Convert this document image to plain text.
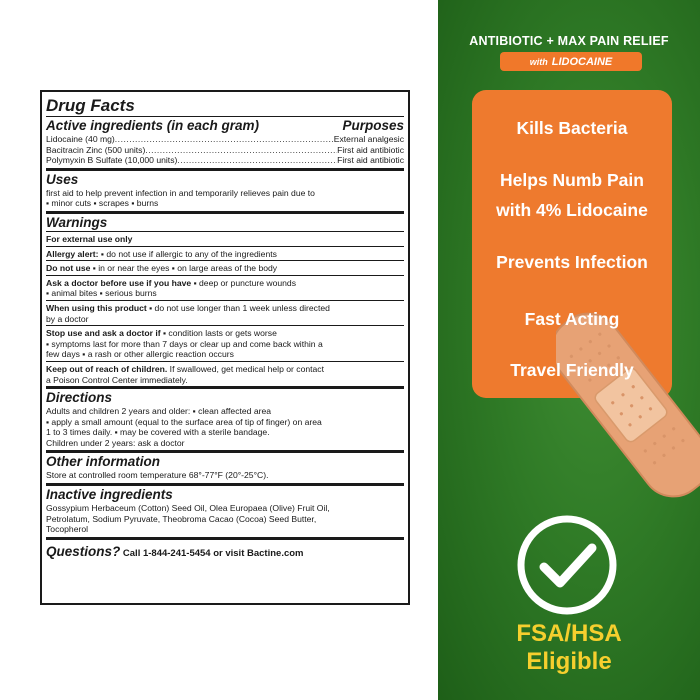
Drug Facts
Active ingredients (in each gram)	Purposes
Lidocaine (40 mg) .....	External analgesic
Bacitracin Zinc (500 units) .....	First aid antibiotic
Polymyxin B Sulfate (10,000 units) .....	First aid antibiotic
Uses
first aid to help prevent infection in and temporarily relieves pain due to
▪ minor cuts ▪ scrapes ▪ burns
Warnings
For external use only
Allergy alert: ▪ do not use if allergic to any of the ingredients
Do not use ▪ in or near the eyes ▪ on large areas of the body
Ask a doctor before use if you have ▪ deep or puncture wounds
▪ animal bites ▪ serious burns
When using this product ▪ do not use longer than 1 week unless directed
by a doctor
Stop use and ask a doctor if ▪ condition lasts or gets worse
▪ symptoms last for more than 7 days or clear up and come back within a
few days ▪ a rash or other allergic reaction occurs
Keep out of reach of children. If swallowed, get medical help or contact
a Poison Control Center immediately.
Directions
Adults and children 2 years and older: ▪ clean affected area
▪ apply a small amount (equal to the surface area of tip of finger) on area
1 to 3 times daily. ▪ may be covered with a sterile bandage.
Children under 2 years: ask a doctor
Other information
Store at controlled room temperature 68°-77°F (20°-25°C).
Inactive ingredients
Gossypium Herbaceum (Cotton) Seed Oil, Olea Europaea (Olive) Fruit Oil,
Petrolatum, Sodium Pyruvate, Theobroma Cacao (Cocoa) Seed Butter,
Tocopherol
Questions? Call 1-844-241-5454 or visit Bactine.com
ANTIBIOTIC + MAX PAIN RELIEF
with LIDOCAINE
Kills Bacteria
Helps Numb Pain
with 4% Lidocaine
Prevents Infection
Fast Acting
Travel Friendly
FSA/HSA
Eligible
